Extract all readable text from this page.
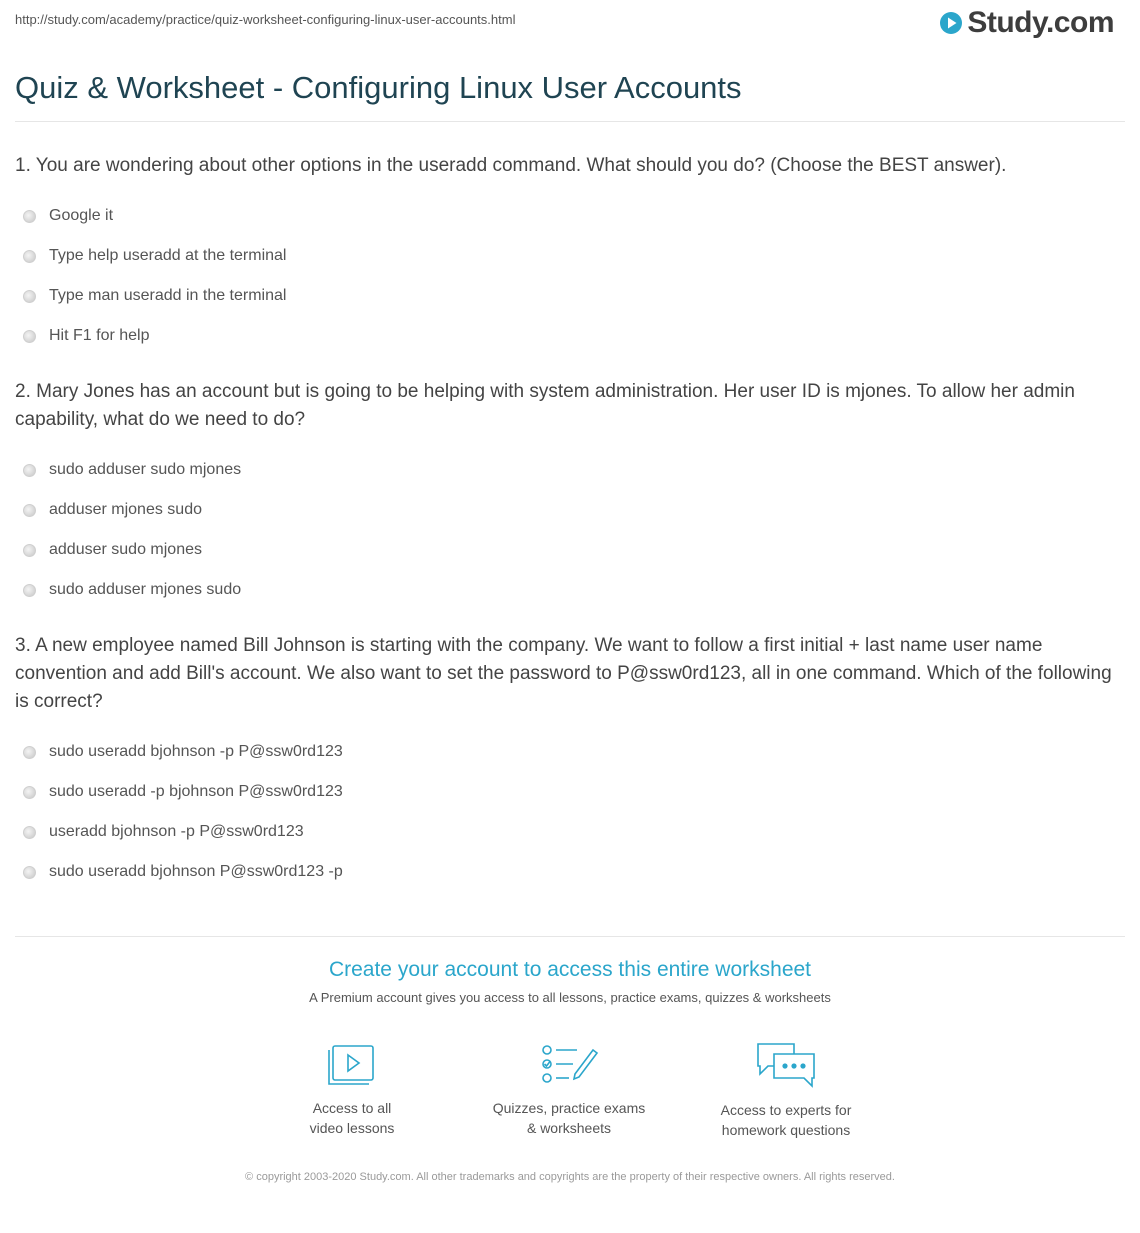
http://study.com/academy/practice/quiz-worksheet-configuring-linux-user-accounts.html	Study.com
Quiz & Worksheet - Configuring Linux User Accounts

1. You are wondering about other options in the useradd command. What should you do? (Choose the BEST answer).

Google it
Type help useradd at the terminal
Type man useradd in the terminal
Hit F1 for help

2. Mary Jones has an account but is going to be helping with system administration. Her user ID is mjones. To allow her admin capability, what do we need to do?

sudo adduser sudo mjones
adduser mjones sudo
adduser sudo mjones
sudo adduser mjones sudo

3. A new employee named Bill Johnson is starting with the company. We want to follow a first initial + last name user name convention and add Bill's account. We also want to set the password to P@ssw0rd123, all in one command. Which of the following is correct?

sudo useradd bjohnson -p P@ssw0rd123
sudo useradd -p bjohnson P@ssw0rd123
useradd bjohnson -p P@ssw0rd123
sudo useradd bjohnson P@ssw0rd123 -p

Create your account to access this entire worksheet

A Premium account gives you access to all lessons, practice exams, quizzes & worksheets
Access to all
video lessons
Quizzes, practice exams
& worksheets
Access to experts for
homework questions
© copyright 2003-2020 Study.com. All other trademarks and copyrights are the property of their respective owners. All rights reserved.
